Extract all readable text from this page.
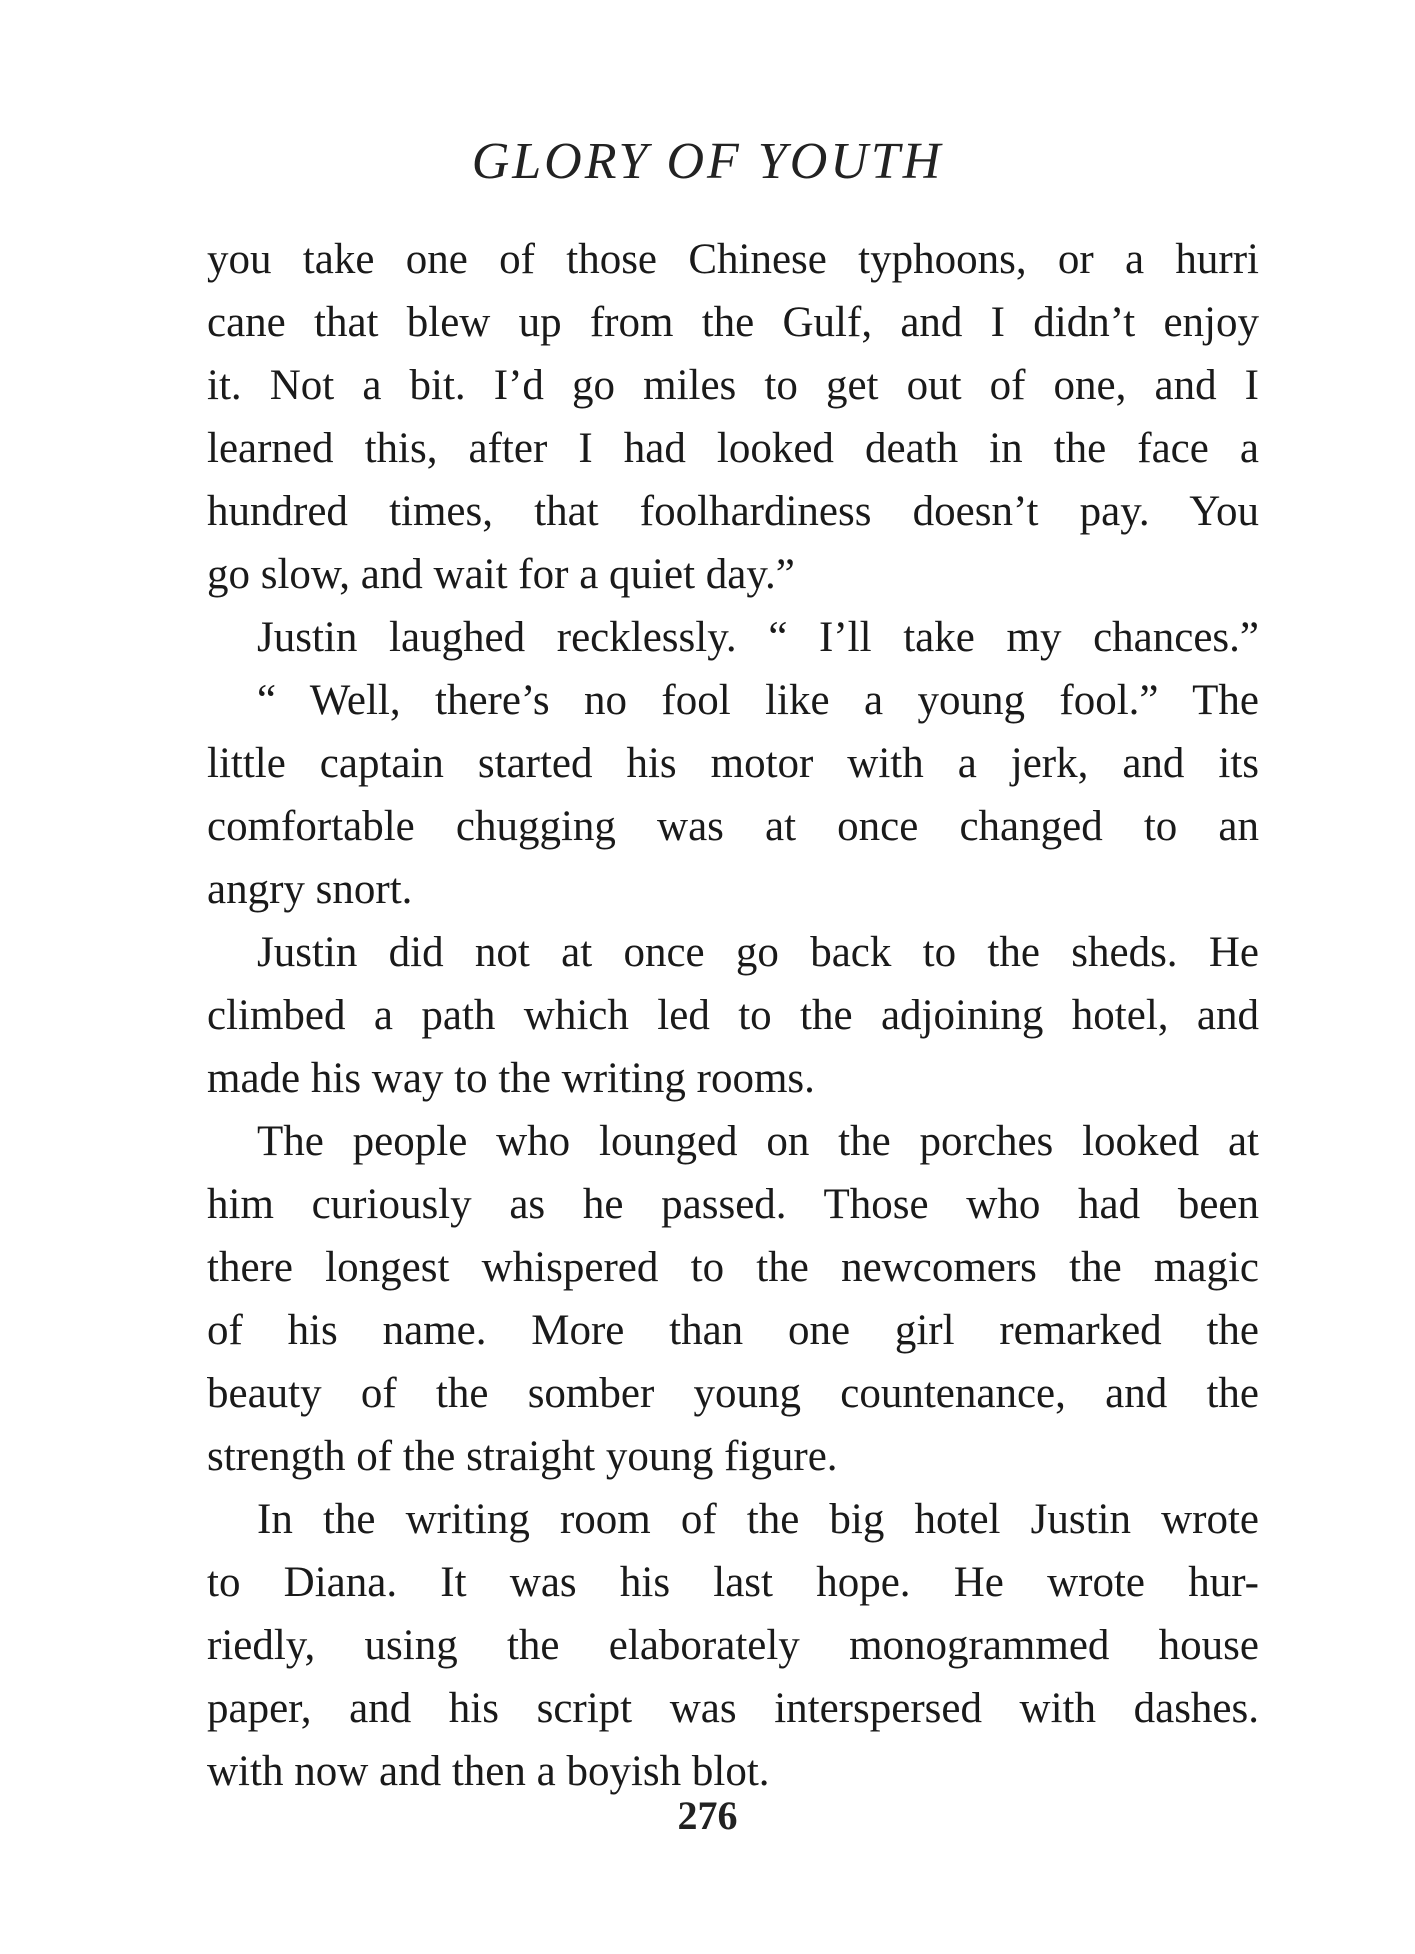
GLORY OF YOUTH
you take one of those Chinese typhoons, or a hurri
cane that blew up from the Gulf, and I didn’t enjoy
it. Not a bit. I’d go miles to get out of one, and I
learned this, after I had looked death in the face a
hundred times, that foolhardiness doesn’t pay. You
go slow, and wait for a quiet day.”
Justin laughed recklessly. “ I’ll take my chances.”
“ Well, there’s no fool like a young fool.” The
little captain started his motor with a jerk, and its
comfortable chugging was at once changed to an
angry snort.
Justin did not at once go back to the sheds. He
climbed a path which led to the adjoining hotel, and
made his way to the writing rooms.
The people who lounged on the porches looked at
him curiously as he passed. Those who had been
there longest whispered to the newcomers the magic
of his name. More than one girl remarked the
beauty of the somber young countenance, and the
strength of the straight young figure.
In the writing room of the big hotel Justin wrote
to Diana. It was his last hope. He wrote hur-
riedly, using the elaborately monogrammed house
paper, and his script was interspersed with dashes.
with now and then a boyish blot.
276
